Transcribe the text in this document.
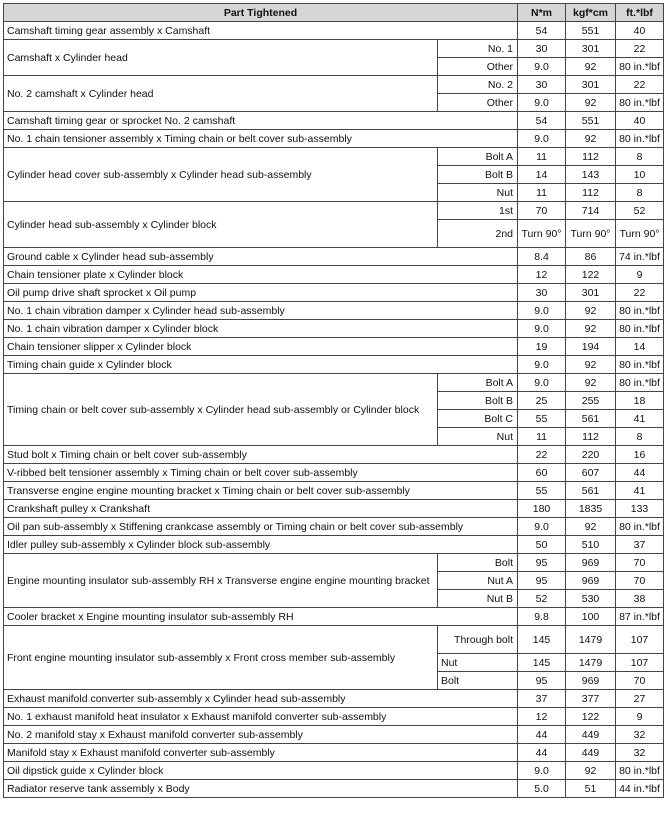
Part Tightened		N*m	kgf*cm	ft.*lbf
Camshaft timing gear assembly x Camshaft		54	551	40
Camshaft x Cylinder head	No. 1	30	301	22
	Other	9.0	92	80 in.*lbf
No. 2 camshaft x Cylinder head	No. 2	30	301	22
	Other	9.0	92	80 in.*lbf
Camshaft timing gear or sprocket No. 2 camshaft		54	551	40
No. 1 chain tensioner assembly x Timing chain or belt cover sub-assembly		9.0	92	80 in.*lbf
Cylinder head cover sub-assembly x Cylinder head sub-assembly	Bolt A	11	112	8
	Bolt B	14	143	10
	Nut	11	112	8
Cylinder head sub-assembly x Cylinder block	1st	70	714	52
	2nd	Turn 90°	Turn 90°	Turn 90°
Ground cable x Cylinder head sub-assembly		8.4	86	74 in.*lbf
Chain tensioner plate x Cylinder block		12	122	9
Oil pump drive shaft sprocket x Oil pump		30	301	22
No. 1 chain vibration damper x Cylinder head sub-assembly		9.0	92	80 in.*lbf
No. 1 chain vibration damper x Cylinder block		9.0	92	80 in.*lbf
Chain tensioner slipper x Cylinder block		19	194	14
Timing chain guide x Cylinder block		9.0	92	80 in.*lbf
Timing chain or belt cover sub-assembly x Cylinder head sub-assembly or Cylinder block	Bolt A	9.0	92	80 in.*lbf
	Bolt B	25	255	18
	Bolt C	55	561	41
	Nut	11	112	8
Stud bolt x Timing chain or belt cover sub-assembly		22	220	16
V-ribbed belt tensioner assembly x Timing chain or belt cover sub-assembly		60	607	44
Transverse engine engine mounting bracket x Timing chain or belt cover sub-assembly		55	561	41
Crankshaft pulley x Crankshaft		180	1835	133
Oil pan sub-assembly x Stiffening crankcase assembly or Timing chain or belt cover sub-assembly		9.0	92	80 in.*lbf
Idler pulley sub-assembly x Cylinder block sub-assembly		50	510	37
Engine mounting insulator sub-assembly RH x Transverse engine engine mounting bracket	Bolt	95	969	70
	Nut A	95	969	70
	Nut B	52	530	38
Cooler bracket x Engine mounting insulator sub-assembly RH		9.8	100	87 in.*lbf
Front engine mounting insulator sub-assembly x Front cross member sub-assembly	Through bolt	145	1479	107
	Nut	145	1479	107
	Bolt	95	969	70
Exhaust manifold converter sub-assembly x Cylinder head sub-assembly		37	377	27
No. 1 exhaust manifold heat insulator x Exhaust manifold converter sub-assembly		12	122	9
No. 2 manifold stay x Exhaust manifold converter sub-assembly		44	449	32
Manifold stay x Exhaust manifold converter sub-assembly		44	449	32
Oil dipstick guide x Cylinder block		9.0	92	80 in.*lbf
Radiator reserve tank assembly x Body		5.0	51	44 in.*lbf
